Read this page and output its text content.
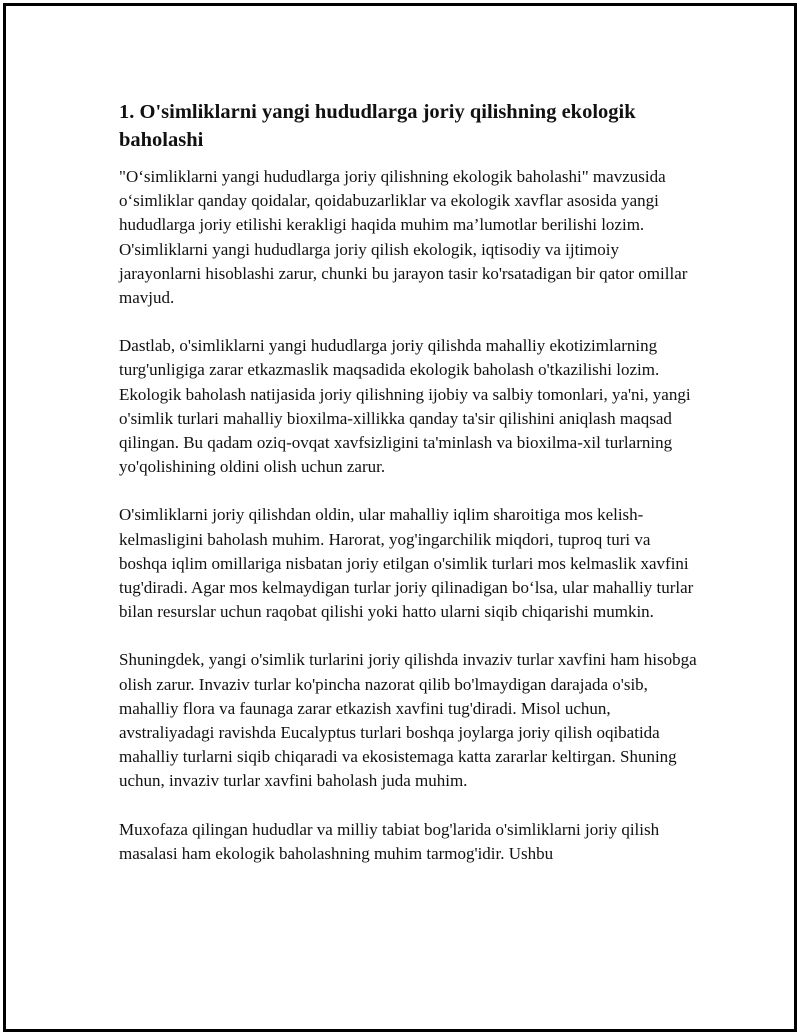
1. O'simliklarni yangi hududlarga joriy qilishning ekologik baholashi

"O‘simliklarni yangi hududlarga joriy qilishning ekologik baholashi" mavzusida o‘simliklar qanday qoidalar, qoidabuzarliklar va ekologik xavflar asosida yangi hududlarga joriy etilishi kerakligi haqida muhim ma’lumotlar berilishi lozim. O'simliklarni yangi hududlarga joriy qilish ekologik, iqtisodiy va ijtimoiy jarayonlarni hisoblashi zarur, chunki bu jarayon tasir ko'rsatadigan bir qator omillar mavjud.

Dastlab, o'simliklarni yangi hududlarga joriy qilishda mahalliy ekotizimlarning turg'unligiga zarar etkazmaslik maqsadida ekologik baholash o'tkazilishi lozim. Ekologik baholash natijasida joriy qilishning ijobiy va salbiy tomonlari, ya'ni, yangi o'simlik turlari mahalliy bioxilma-xillikka qanday ta'sir qilishini aniqlash maqsad qilingan. Bu qadam oziq-ovqat xavfsizligini ta'minlash va bioxilma-xil turlarning yo'qolishining oldini olish uchun zarur.

O'simliklarni joriy qilishdan oldin, ular mahalliy iqlim sharoitiga mos kelish-kelmasligini baholash muhim. Harorat, yog'ingarchilik miqdori, tuproq turi va boshqa iqlim omillariga nisbatan joriy etilgan o'simlik turlari mos kelmaslik xavfini tug'diradi. Agar mos kelmaydigan turlar joriy qilinadigan bo‘lsa, ular mahalliy turlar bilan resurslar uchun raqobat qilishi yoki hatto ularni siqib chiqarishi mumkin.

Shuningdek, yangi o'simlik turlarini joriy qilishda invaziv turlar xavfini ham hisobga olish zarur. Invaziv turlar ko'pincha nazorat qilib bo'lmaydigan darajada o'sib, mahalliy flora va faunaga zarar etkazish xavfini tug'diradi. Misol uchun, avstraliyadagi ravishda Eucalyptus turlari boshqa joylarga joriy qilish oqibatida mahalliy turlarni siqib chiqaradi va ekosistemaga katta zararlar keltirgan. Shuning uchun, invaziv turlar xavfini baholash juda muhim.

Muxofaza qilingan hududlar va milliy tabiat bog'larida o'simliklarni joriy qilish masalasi ham ekologik baholashning muhim tarmog'idir. Ushbu
